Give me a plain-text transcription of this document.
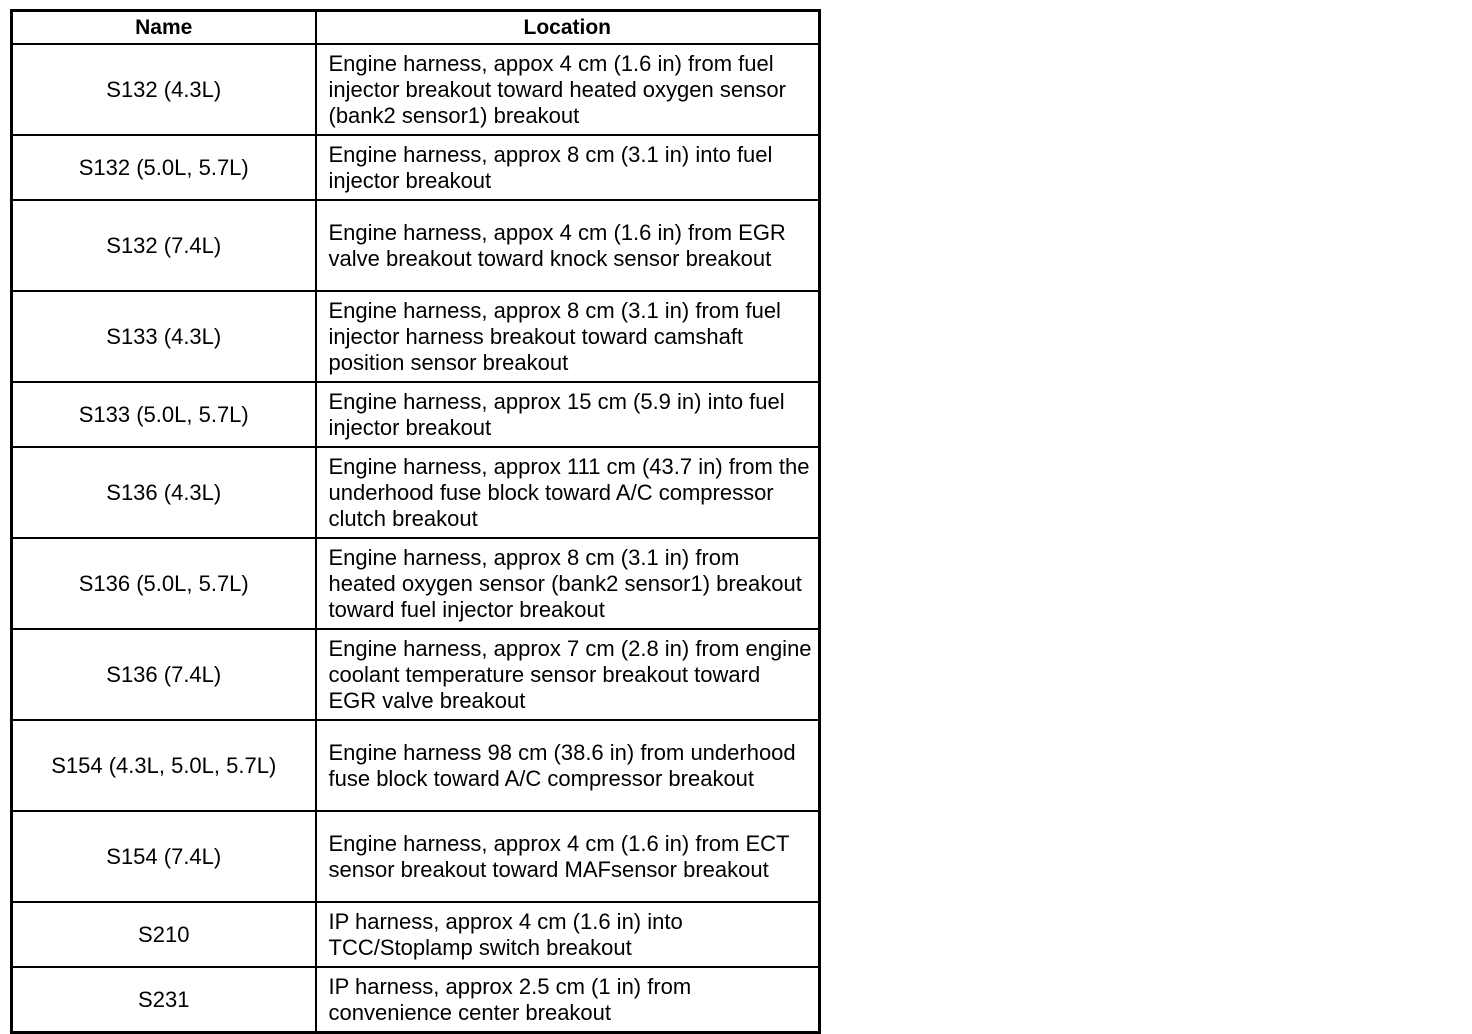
Name	Location
S132 (4.3L)	Engine harness, appox 4 cm (1.6 in) from fuel injector breakout toward heated oxygen sensor (bank2 sensor1) breakout
S132 (5.0L, 5.7L)	Engine harness, approx 8 cm (3.1 in) into fuel injector breakout
S132 (7.4L)	Engine harness, appox 4 cm (1.6 in) from EGR valve breakout toward knock sensor breakout
S133 (4.3L)	Engine harness, approx 8 cm (3.1 in) from fuel injector harness breakout toward camshaft position sensor breakout
S133 (5.0L, 5.7L)	Engine harness, approx 15 cm (5.9 in) into fuel injector breakout
S136 (4.3L)	Engine harness, approx 111 cm (43.7 in) from the underhood fuse block toward A/C compressor clutch breakout
S136 (5.0L, 5.7L)	Engine harness, approx 8 cm (3.1 in) from heated oxygen sensor (bank2 sensor1) breakout toward fuel injector breakout
S136 (7.4L)	Engine harness, approx 7 cm (2.8 in) from engine coolant temperature sensor breakout toward EGR valve breakout
S154 (4.3L, 5.0L, 5.7L)	Engine harness 98 cm (38.6 in) from underhood fuse block toward A/C compressor breakout
S154 (7.4L)	Engine harness, approx 4 cm (1.6 in) from ECT sensor breakout toward MAFsensor breakout
S210	IP harness, approx 4 cm (1.6 in) into TCC/Stoplamp switch breakout
S231	IP harness, approx 2.5 cm (1 in) from convenience center breakout
